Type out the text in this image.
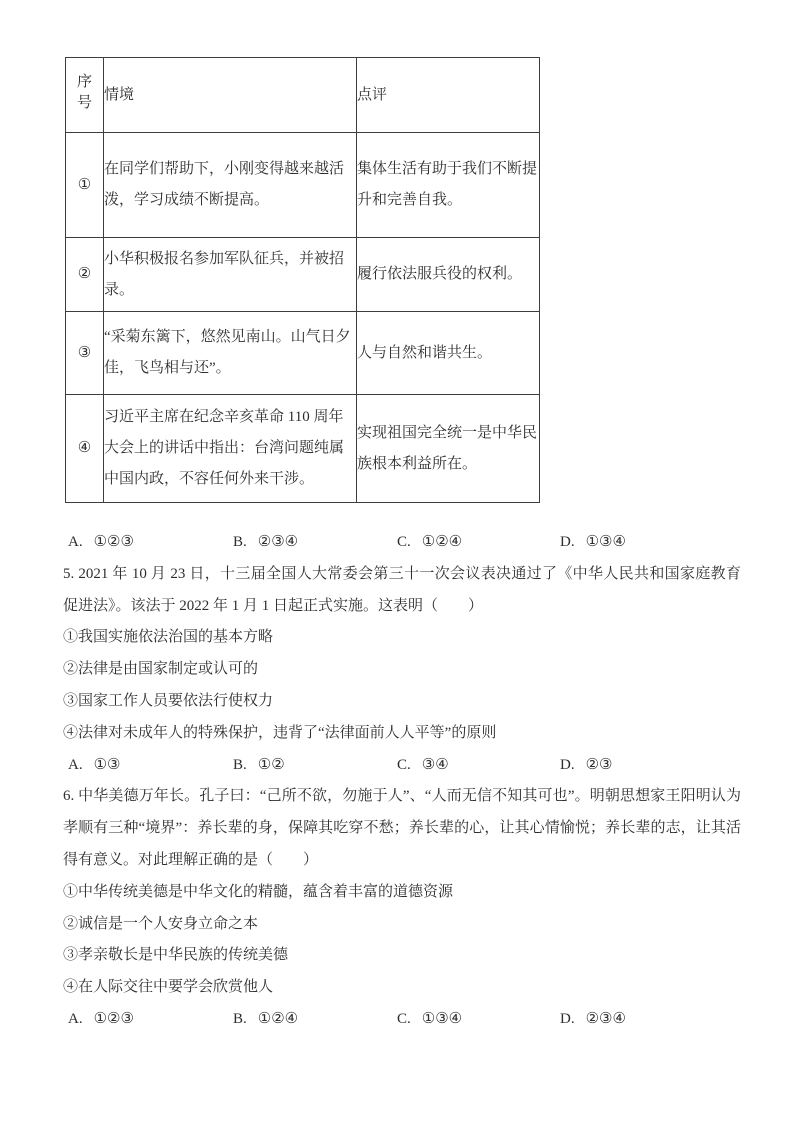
序号	情境	点评
①	在同学们帮助下，小刚变得越来越活泼，学习成绩不断提高。	集体生活有助于我们不断提升和完善自我。
②	小华积极报名参加军队征兵，并被招录。	履行依法服兵役的权利。
③	“采菊东篱下，悠然见南山。山气日夕佳，飞鸟相与还”。	人与自然和谐共生。
④	习近平主席在纪念辛亥革命 110 周年大会上的讲话中指出：台湾问题纯属中国内政，不容任何外来干涉。	实现祖国完全统一是中华民族根本利益所在。
A. ①②③	B. ②③④	C. ①②④	D. ①③④

5. 2021 年 10 月 23 日，十三届全国人大常委会第三十一次会议表决通过了《中华人民共和国家庭教育促进法》。该法于 2022 年 1 月 1 日起正式实施。这表明（　　）

①我国实施依法治国的基本方略
②法律是由国家制定或认可的
③国家工作人员要依法行使权力
④法律对未成年人的特殊保护，违背了“法律面前人人平等”的原则
A. ①③	B. ①②	C. ③④	D. ②③

6. 中华美德万年长。孔子曰：“己所不欲，勿施于人”、“人而无信不知其可也”。明朝思想家王阳明认为孝顺有三种“境界”：养长辈的身，保障其吃穿不愁；养长辈的心，让其心情愉悦；养长辈的志，让其活得有意义。对此理解正确的是（　　）

①中华传统美德是中华文化的精髓，蕴含着丰富的道德资源
②诚信是一个人安身立命之本
③孝亲敬长是中华民族的传统美德
④在人际交往中要学会欣赏他人
A. ①②③	B. ①②④	C. ①③④	D. ②③④
